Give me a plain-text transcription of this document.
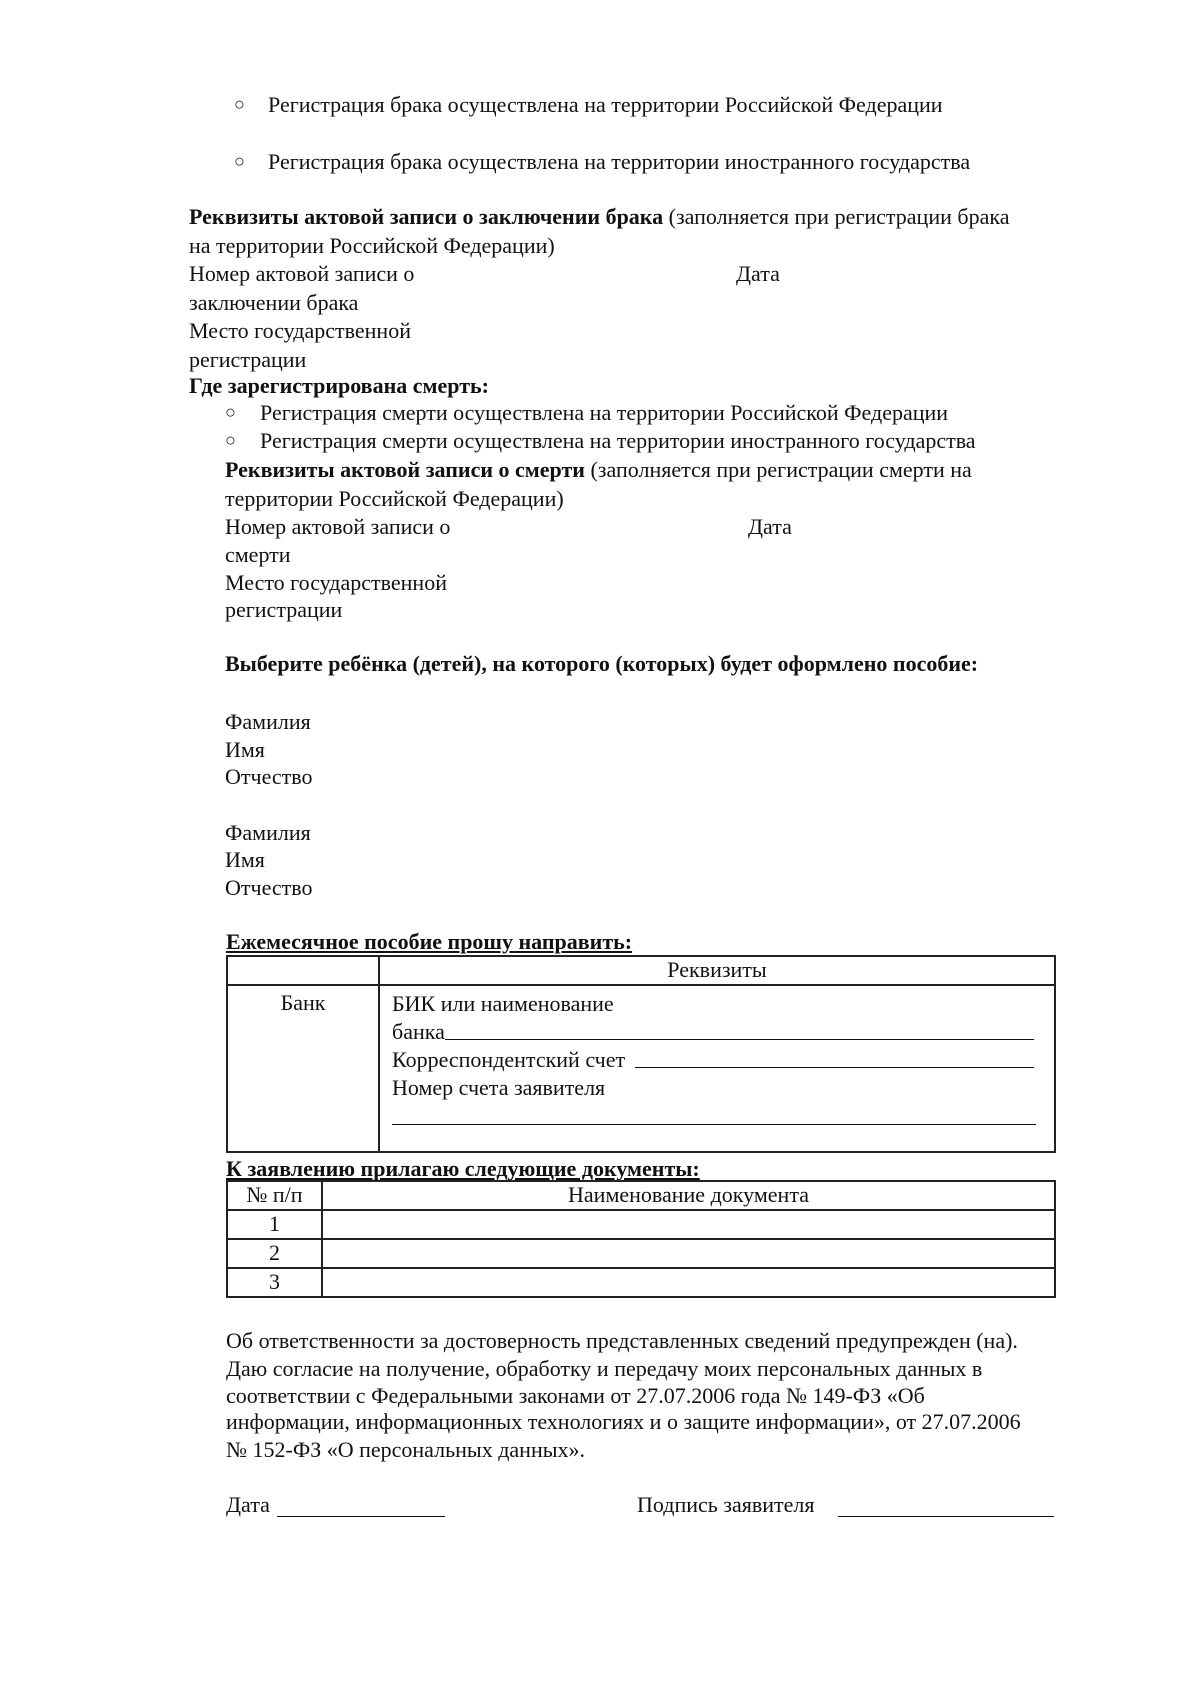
○ Регистрация брака осуществлена на территории Российской Федерации
○ Регистрация брака осуществлена на территории иностранного государства
Реквизиты актовой записи о заключении брака (заполняется при регистрации брака
на территории Российской Федерации)
Номер актовой записи о	Дата
заключении брака
Место государственной
регистрации
Где зарегистрирована смерть:
○ Регистрация смерти осуществлена на территории Российской Федерации
○ Регистрация смерти осуществлена на территории иностранного государства
Реквизиты актовой записи о смерти (заполняется при регистрации смерти на
территории Российской Федерации)
Номер актовой записи о	Дата
смерти
Место государственной
регистрации
Выберите ребёнка (детей), на которого (которых) будет оформлено пособие:
Фамилия
Имя
Отчество
Фамилия
Имя
Отчество
Ежемесячное пособие прошу направить:
	Реквизиты
Банк	БИК или наименование
банка
Корреспондентский счет
Номер счета заявителя
К заявлению прилагаю следующие документы:
№ п/п	Наименование документа
1	
2	
3	
Об ответственности за достоверность представленных сведений предупрежден (на).
Даю согласие на получение, обработку и передачу моих персональных данных в
соответствии с Федеральными законами от 27.07.2006 года № 149-ФЗ «Об
информации, информационных технологиях и о защите информации», от 27.07.2006
№ 152-ФЗ «О персональных данных».
Дата	Подпись заявителя
